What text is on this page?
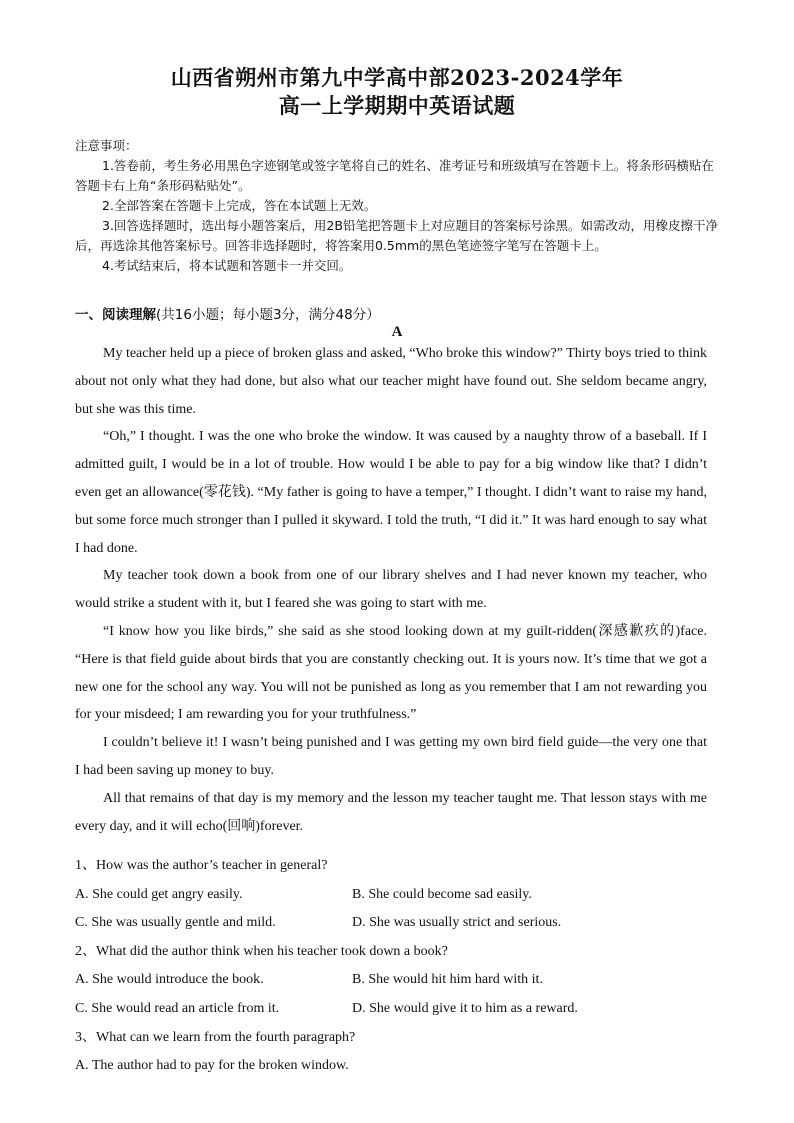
山西省朔州市第九中学高中部2023-2024学年
高一上学期期中英语试题

注意事项：

1.答卷前，考生务必用黑色字迹钢笔或签字笔将自己的姓名、准考证号和班级填写在答题卡上。将条形码横贴在答题卡右上角“条形码粘贴处”。

2.全部答案在答题卡上完成，答在本试题上无效。

3.回答选择题时，选出每小题答案后，用2B铅笔把答题卡上对应题目的答案标号涂黑。如需改动，用橡皮擦干净后，再选涂其他答案标号。回答非选择题时，将答案用0.5mm的黑色笔迹签字笔写在答题卡上。

4.考试结束后，将本试题和答题卡一并交回。

一、阅读理解(共16小题；每小题3分，满分48分）
A

My teacher held up a piece of broken glass and asked, “Who broke this window?” Thirty boys tried to think about not only what they had done, but also what our teacher might have found out. She seldom became angry, but she was this time.

“Oh,” I thought. I was the one who broke the window. It was caused by a naughty throw of a baseball. If I admitted guilt, I would be in a lot of trouble. How would I be able to pay for a big window like that? I didn’t even get an allowance(零花钱). “My father is going to have a temper,” I thought. I didn’t want to raise my hand, but some force much stronger than I pulled it skyward. I told the truth, “I did it.” It was hard enough to say what I had done.

My teacher took down a book from one of our library shelves and I had never known my teacher, who would strike a student with it, but I feared she was going to start with me.

“I know how you like birds,” she said as she stood looking down at my guilt-ridden(深感歉疚的)face. “Here is that field guide about birds that you are constantly checking out. It is yours now. It’s time that we got a new one for the school any way. You will not be punished as long as you remember that I am not rewarding you for your misdeed; I am rewarding you for your truthfulness.”

I couldn’t believe it! I wasn’t being punished and I was getting my own bird field guide—the very one that I had been saving up money to buy.

All that remains of that day is my memory and the lesson my teacher taught me. That lesson stays with me every day, and it will echo(回响)forever.

1、How was the author’s teacher in general?
A. She could get angry easily.	B. She could become sad easily.
C. She was usually gentle and mild.	D. She was usually strict and serious.
2、What did the author think when his teacher took down a book?
A. She would introduce the book.	B. She would hit him hard with it.
C. She would read an article from it.	D. She would give it to him as a reward.
3、What can we learn from the fourth paragraph?
A. The author had to pay for the broken window.
